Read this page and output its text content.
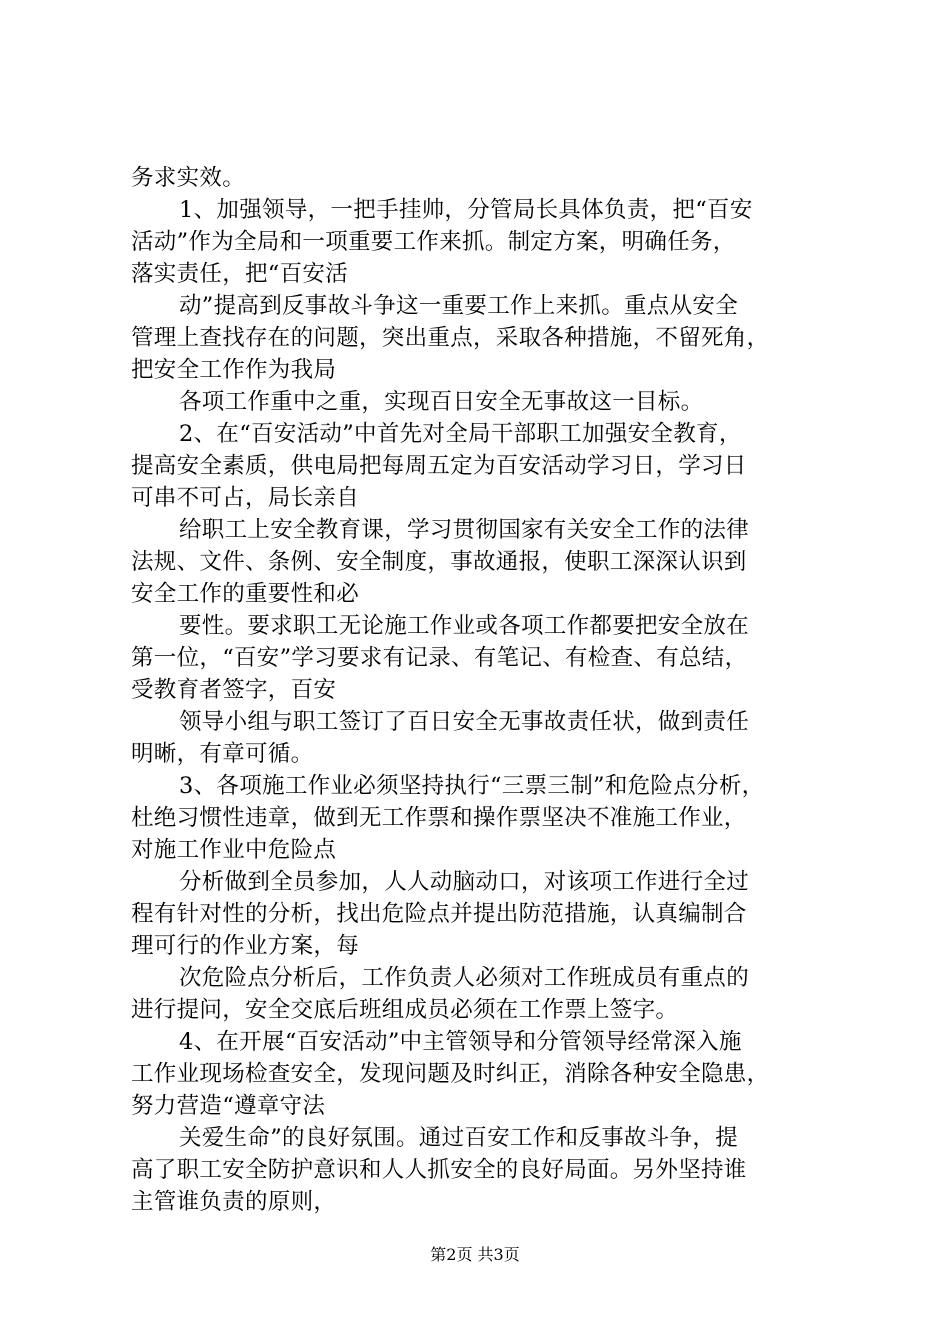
务求实效。
1、加强领导，一把手挂帅，分管局长具体负责，把“百安
活动”作为全局和一项重要工作来抓。制定方案，明确任务，
落实责任，把“百安活
动”提高到反事故斗争这一重要工作上来抓。重点从安全
管理上查找存在的问题，突出重点，采取各种措施，不留死角，
把安全工作作为我局
各项工作重中之重，实现百日安全无事故这一目标。
2、在“百安活动”中首先对全局干部职工加强安全教育，
提高安全素质，供电局把每周五定为百安活动学习日，学习日
可串不可占，局长亲自
给职工上安全教育课，学习贯彻国家有关安全工作的法律
法规、文件、条例、安全制度，事故通报，使职工深深认识到
安全工作的重要性和必
要性。要求职工无论施工作业或各项工作都要把安全放在
第一位，“百安”学习要求有记录、有笔记、有检查、有总结，
受教育者签字，百安
领导小组与职工签订了百日安全无事故责任状，做到责任
明晰，有章可循。
3、各项施工作业必须坚持执行“三票三制”和危险点分析，
杜绝习惯性违章，做到无工作票和操作票坚决不准施工作业，
对施工作业中危险点
分析做到全员参加，人人动脑动口，对该项工作进行全过
程有针对性的分析，找出危险点并提出防范措施，认真编制合
理可行的作业方案，每
次危险点分析后，工作负责人必须对工作班成员有重点的
进行提问，安全交底后班组成员必须在工作票上签字。
4、在开展“百安活动”中主管领导和分管领导经常深入施
工作业现场检查安全，发现问题及时纠正，消除各种安全隐患，
努力营造“遵章守法
关爱生命”的良好氛围。通过百安工作和反事故斗争，提
高了职工安全防护意识和人人抓安全的良好局面。另外坚持谁
主管谁负责的原则，
第2页 共3页
